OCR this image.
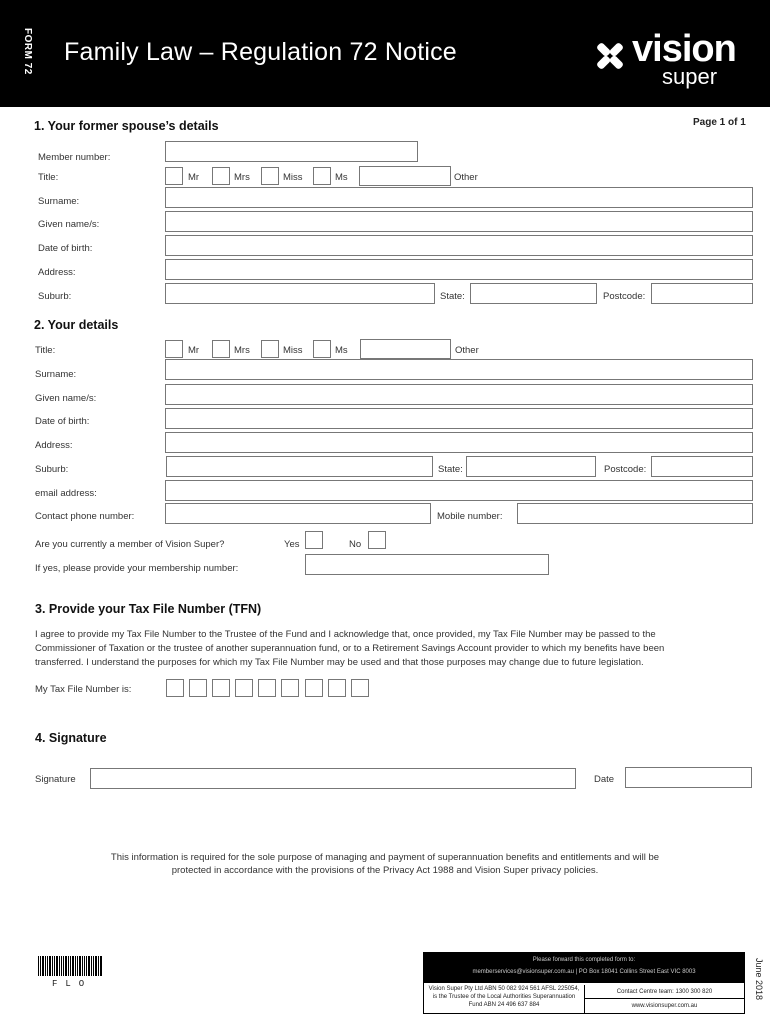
FORM 72 Family Law – Regulation 72 Notice	vision
super
Page 1 of 1
1. Your former spouse’s details
Member number:
Title:	Mr	Mrs	Miss	Ms	Other
Surname:
Given name/s:
Date of birth:
Address:
Suburb:	State:	Postcode:
2. Your details
Title:	Mr	Mrs	Miss	Ms	Other
Surname:
Given name/s:
Date of birth:
Address:
Suburb:	State:	Postcode:
email address:
Contact phone number:	Mobile number:
Are you currently a member of Vision Super?	Yes	No
If yes, please provide your membership number:
3. Provide your Tax File Number (TFN)
I agree to provide my Tax File Number to the Trustee of the Fund and I acknowledge that, once provided, my Tax File Number may be passed to the
Commissioner of Taxation or the trustee of another superannuation fund, or to a Retirement Savings Account provider to which my benefits have been
transferred. I understand the purposes for which my Tax File Number may be used and that those purposes may change due to future legislation.
My Tax File Number is:
4. Signature
Signature	Date
This information is required for the sole purpose of managing and payment of superannuation benefits and entitlements and will be
protected in accordance with the provisions of the Privacy Act 1988 and Vision Super privacy policies.
FLO
Please forward this completed form to:
memberservices@visionsuper.com.au | PO Box 18041 Collins Street East VIC 8003
Vision Super Pty Ltd ABN 50 082 924 561 AFSL 225054, is the Trustee of the Local Authorities Superannuation Fund ABN 24 496 637 884
Contact Centre team: 1300 300 820
www.visionsuper.com.au
June 2018
